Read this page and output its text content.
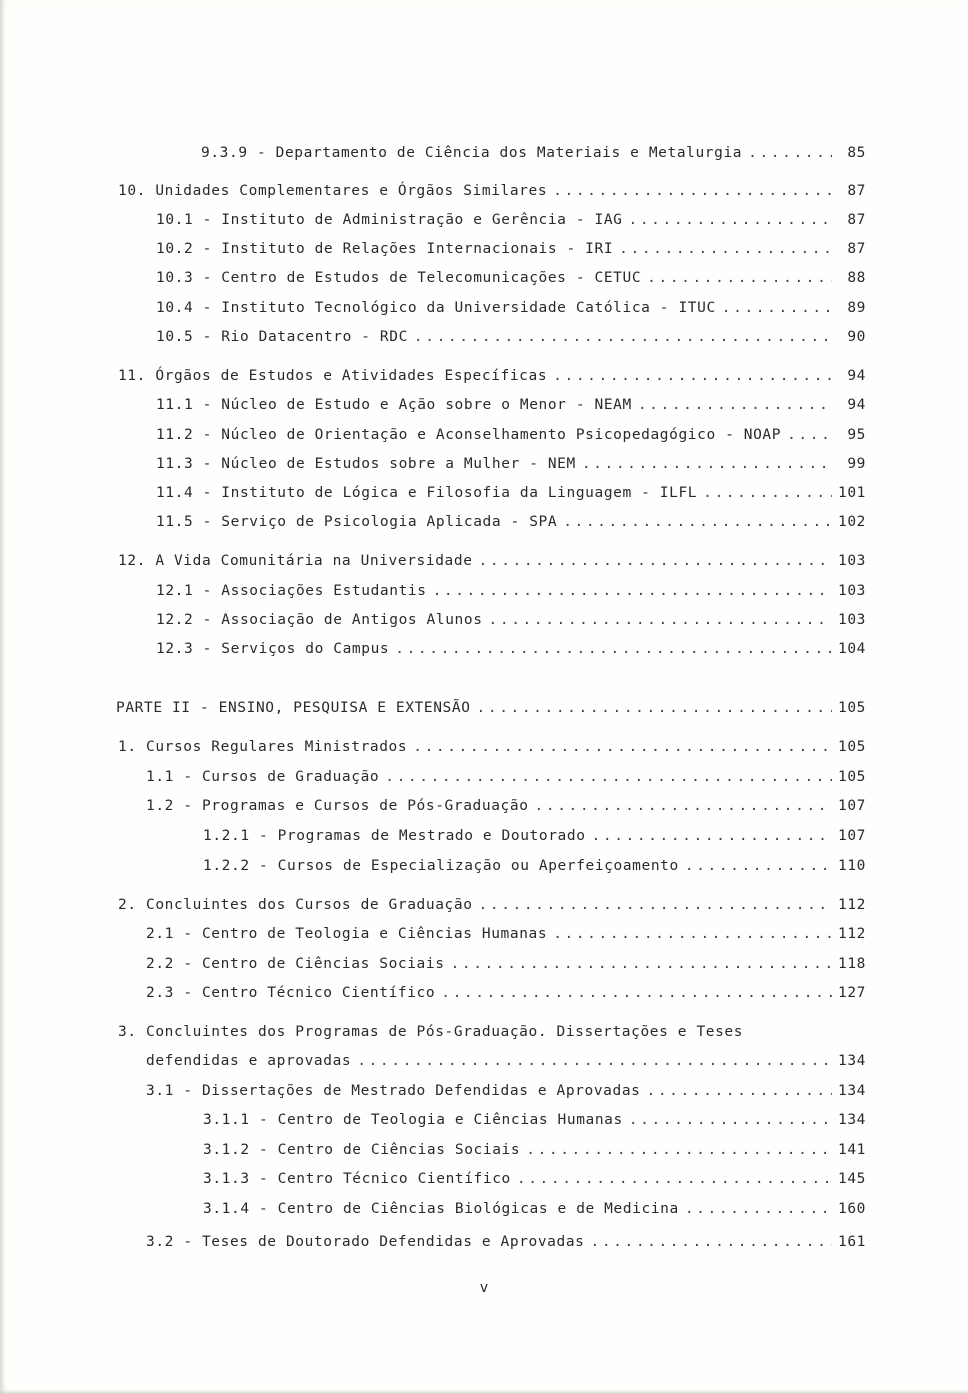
9.3.9 - Departamento de Ciência dos Materiais e Metalurgia .....	85
10. Unidades Complementares e Órgãos Similares .....	87
10.1 - Instituto de Administração e Gerência - IAG .....	87
10.2 - Instituto de Relações Internacionais - IRI .....	87
10.3 - Centro de Estudos de Telecomunicações - CETUC .....	88
10.4 - Instituto Tecnológico da Universidade Católica - ITUC .....	89
10.5 - Rio Datacentro - RDC .....	90
11. Órgãos de Estudos e Atividades Específicas .....	94
11.1 - Núcleo de Estudo e Ação sobre o Menor - NEAM .....	94
11.2 - Núcleo de Orientação e Aconselhamento Psicopedagógico - NOAP .....	95
11.3 - Núcleo de Estudos sobre a Mulher - NEM .....	99
11.4 - Instituto de Lógica e Filosofia da Linguagem - ILFL .....	101
11.5 - Serviço de Psicologia Aplicada - SPA .....	102
12. A Vida Comunitária na Universidade .....	103
12.1 - Associações Estudantis .....	103
12.2 - Associação de Antigos Alunos .....	103
12.3 - Serviços do Campus .....	104
PARTE II - ENSINO, PESQUISA E EXTENSÃO .....	105
1. Cursos Regulares Ministrados .....	105
1.1 - Cursos de Graduação .....	105
1.2 - Programas e Cursos de Pós-Graduação .....	107
1.2.1 - Programas de Mestrado e Doutorado .....	107
1.2.2 - Cursos de Especialização ou Aperfeiçoamento .....	110
2. Concluintes dos Cursos de Graduação .....	112
2.1 - Centro de Teologia e Ciências Humanas .....	112
2.2 - Centro de Ciências Sociais .....	118
2.3 - Centro Técnico Científico .....	127
3. Concluintes dos Programas de Pós-Graduação. Dissertações e Teses
defendidas e aprovadas .....	134
3.1 - Dissertações de Mestrado Defendidas e Aprovadas .....	134
3.1.1 - Centro de Teologia e Ciências Humanas .....	134
3.1.2 - Centro de Ciências Sociais .....	141
3.1.3 - Centro Técnico Científico .....	145
3.1.4 - Centro de Ciências Biológicas e de Medicina .....	160
3.2 - Teses de Doutorado Defendidas e Aprovadas .....	161
v
